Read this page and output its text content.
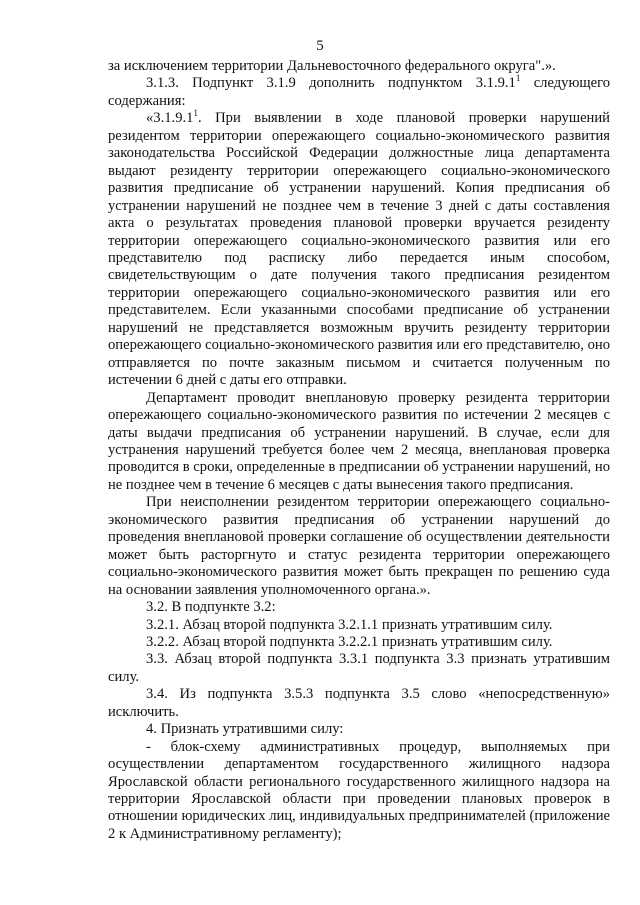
5

за исключением территории Дальневосточного федерального округа".».

3.1.3. Подпункт 3.1.9 дополнить подпунктом 3.1.9.1$^1$ следующего содержания:

«3.1.9.1$^1$. При выявлении в ходе плановой проверки нарушений резидентом территории опережающего социально-экономического развития законодательства Российской Федерации должностные лица департамента выдают резиденту территории опережающего социально-экономического развития предписание об устранении нарушений. Копия предписания об устранении нарушений не позднее чем в течение 3 дней с даты составления акта о результатах проведения плановой проверки вручается резиденту территории опережающего социально-экономического развития или его представителю под расписку либо передается иным способом, свидетельствующим о дате получения такого предписания резидентом территории опережающего социально-экономического развития или его представителем. Если указанными способами предписание об устранении нарушений не представляется возможным вручить резиденту территории опережающего социально-экономического развития или его представителю, оно отправляется по почте заказным письмом и считается полученным по истечении 6 дней с даты его отправки.

Департамент проводит внеплановую проверку резидента территории опережающего социально-экономического развития по истечении 2 месяцев с даты выдачи предписания об устранении нарушений. В случае, если для устранения нарушений требуется более чем 2 месяца, внеплановая проверка проводится в сроки, определенные в предписании об устранении нарушений, но не позднее чем в течение 6 месяцев с даты вынесения такого предписания.

При неисполнении резидентом территории опережающего социально-экономического развития предписания об устранении нарушений до проведения внеплановой проверки соглашение об осуществлении деятельности может быть расторгнуто и статус резидента территории опережающего социально-экономического развития может быть прекращен по решению суда на основании заявления уполномоченного органа.».

3.2. В подпункте 3.2:

3.2.1. Абзац второй подпункта 3.2.1.1 признать утратившим силу.

3.2.2. Абзац второй подпункта 3.2.2.1 признать утратившим силу.

3.3. Абзац второй подпункта 3.3.1 подпункта 3.3 признать утратившим силу.

3.4. Из подпункта 3.5.3 подпункта 3.5 слово «непосредственную» исключить.

4. Признать утратившими силу:

- блок-схему административных процедур, выполняемых при осуществлении департаментом государственного жилищного надзора Ярославской области регионального государственного жилищного надзора на территории Ярославской области при проведении плановых проверок в отношении юридических лиц, индивидуальных предпринимателей (приложение 2 к Административному регламенту);
